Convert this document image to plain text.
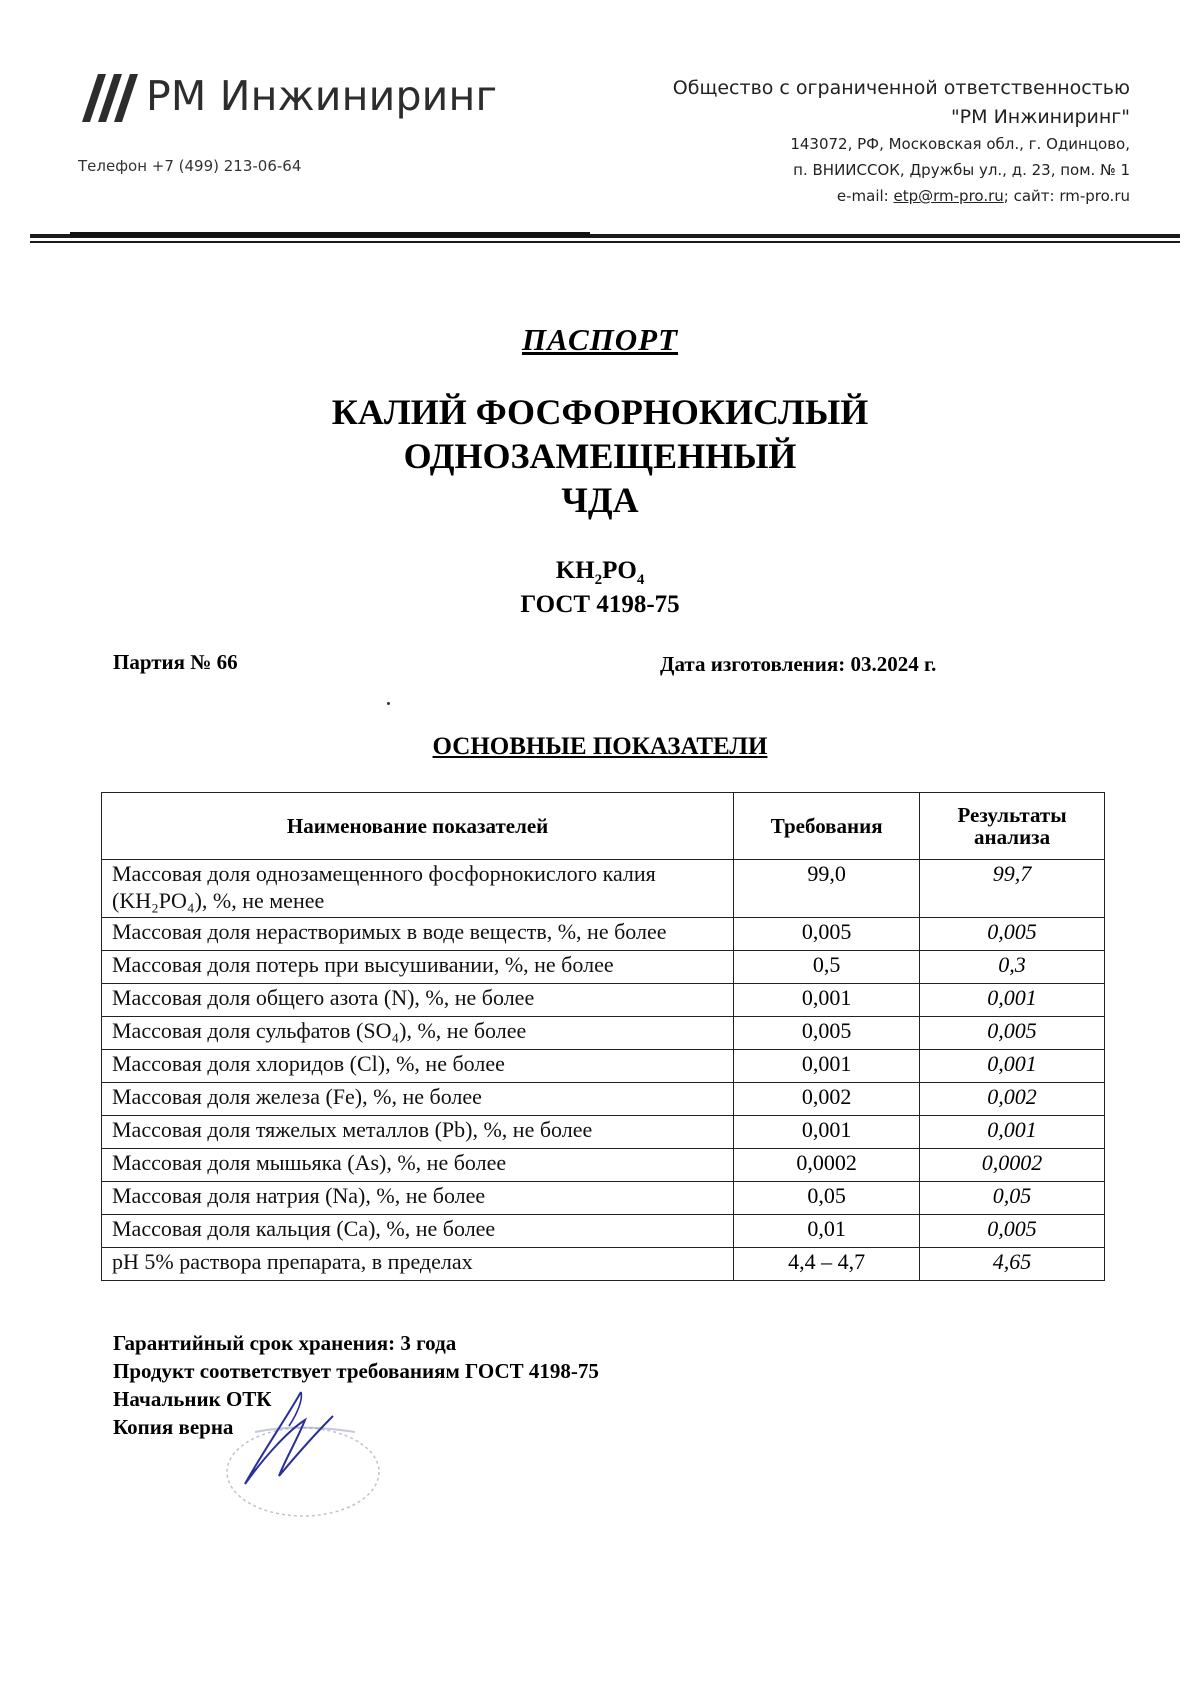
РМ Инжиниринг
Телефон +7 (499) 213-06-64
Общество с ограниченной ответственностью
"РМ Инжиниринг"
143072, РФ, Московская обл., г. Одинцово,
п. ВНИИССОК, Дружбы ул., д. 23, пом. № 1
e-mail: etp@rm-pro.ru; сайт: rm-pro.ru
ПАСПОРТ
КАЛИЙ ФОСФОРНОКИСЛЫЙ
ОДНОЗАМЕЩЕННЫЙ
ЧДА
$KH_2PO_4$
ГОСТ 4198-75
Партия № 66	Дата изготовления: 03.2024 г.
ОСНОВНЫЕ ПОКАЗАТЕЛИ
Наименование показателей	Требования	Результаты анализа
Массовая доля однозамещенного фосфорнокислого калия (KH₂PO₄), %, не менее	99,0	99,7
Массовая доля нерастворимых в воде веществ, %, не более	0,005	0,005
Массовая доля потерь при высушивании, %, не более	0,5	0,3
Массовая доля общего азота (N), %, не более	0,001	0,001
Массовая доля сульфатов (SO₄), %, не более	0,005	0,005
Массовая доля хлоридов (Cl), %, не более	0,001	0,001
Массовая доля железа (Fe), %, не более	0,002	0,002
Массовая доля тяжелых металлов (Pb), %, не более	0,001	0,001
Массовая доля мышьяка (As), %, не более	0,0002	0,0002
Массовая доля натрия (Na), %, не более	0,05	0,05
Массовая доля кальция (Ca), %, не более	0,01	0,005
pH 5% раствора препарата, в пределах	4,4 – 4,7	4,65
Гарантийный срок хранения: 3 года
Продукт соответствует требованиям ГОСТ 4198-75
Начальник ОТК
Копия верна
